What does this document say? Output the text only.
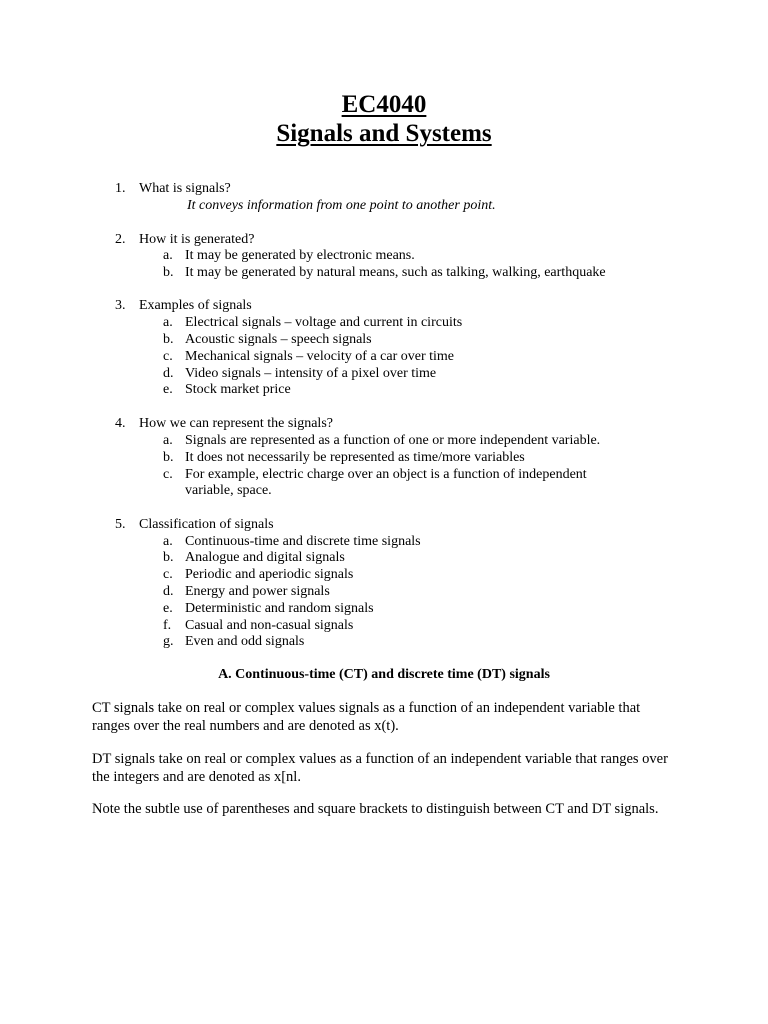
EC4040
Signals and Systems
1. What is signals?
It conveys information from one point to another point.
2. How it is generated?
a. It may be generated by electronic means.
b. It may be generated by natural means, such as talking, walking, earthquake
3. Examples of signals
a. Electrical signals – voltage and current in circuits
b. Acoustic signals – speech signals
c. Mechanical signals – velocity of a car over time
d. Video signals – intensity of a pixel over time
e. Stock market price
4. How we can represent the signals?
a. Signals are represented as a function of one or more independent variable.
b. It does not necessarily be represented as time/more variables
c. For example, electric charge over an object is a function of independent
variable, space.
5. Classification of signals
a. Continuous-time and discrete time signals
b. Analogue and digital signals
c. Periodic and aperiodic signals
d. Energy and power signals
e. Deterministic and random signals
f. Casual and non-casual signals
g. Even and odd signals
A. Continuous-time (CT) and discrete time (DT) signals
CT signals take on real or complex values signals as a function of an independent variable that ranges over the real numbers and are denoted as x(t).
DT signals take on real or complex values as a function of an independent variable that ranges over the integers and are denoted as x[nl.
Note the subtle use of parentheses and square brackets to distinguish between CT and DT signals.
